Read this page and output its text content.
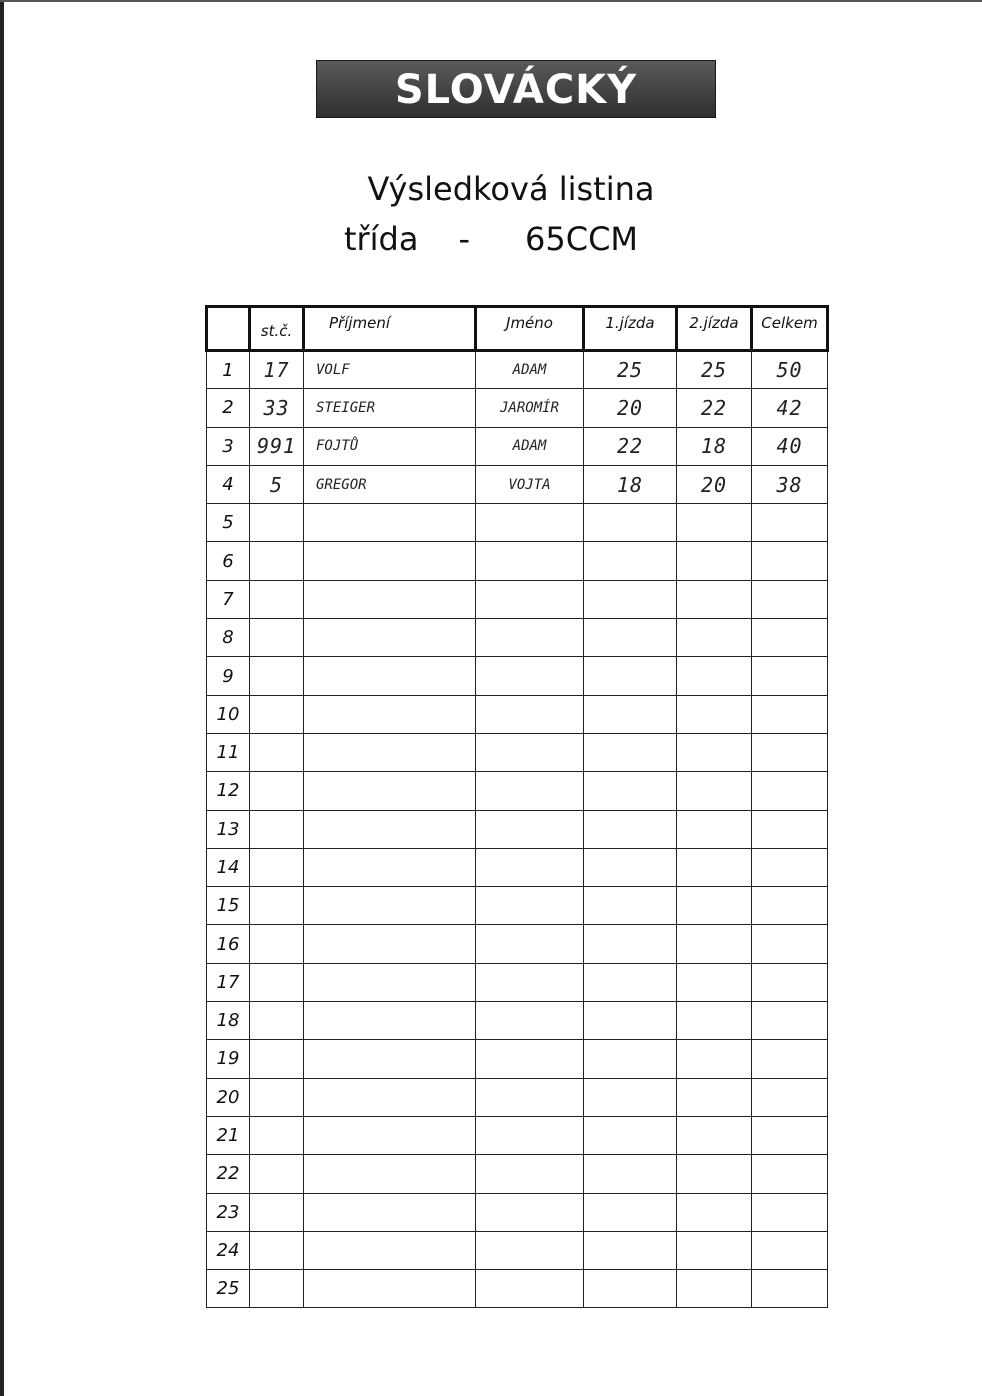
SLOVÁCKÝ POHÁR
Výsledková listina
třída - 65CCM
	st.č.	Příjmení	Jméno	1.jízda	2.jízda	Celkem
1	17	VOLF	ADAM	25	25	50
2	33	STEIGER	JAROMÍR	20	22	42
3	991	FOJTŮ	ADAM	22	18	40
4	5	GREGOR	VOJTA	18	20	38
5						
6						
7						
8						
9						
10						
11						
12						
13						
14						
15						
16						
17						
18						
19						
20						
21						
22						
23						
24						
25						
